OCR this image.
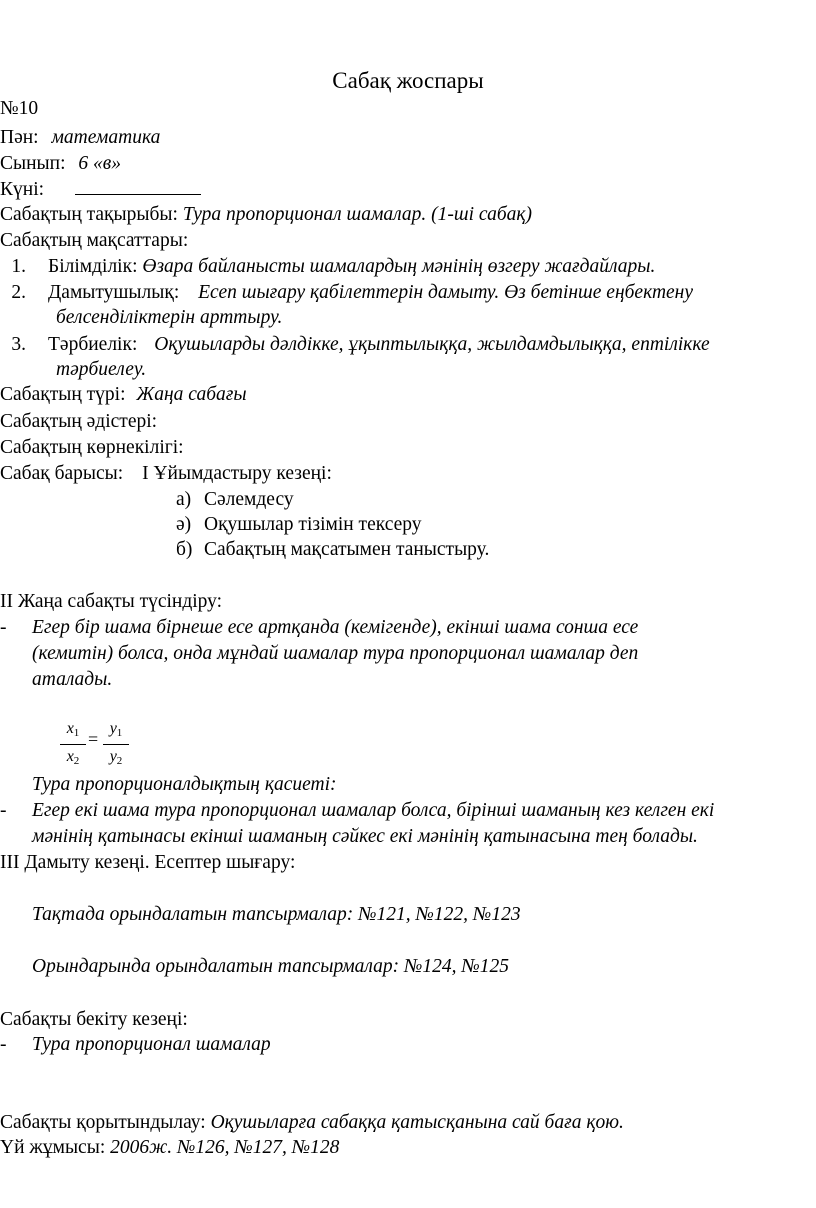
Сабақ жоспары
№10
Пән: математика
Сынып: 6 «в»
Күні:
Сабақтың тақырыбы: Тура пропорционал шамалар. (1-ші сабақ)
Сабақтың мақсаттары:
1. Білімділік: Өзара байланысты шамалардың мәнінің өзгеру жағдайлары.
2. Дамытушылық: Есеп шығару қабілеттерін дамыту. Өз бетінше еңбектену
белсенділіктерін арттыру.
3. Тәрбиелік: Оқушыларды дәлдікке, ұқыптылыққа, жылдамдылыққа, ептілікке
тәрбиелеу.
Сабақтың түрі: Жаңа сабағы
Сабақтың әдістері:
Сабақтың көрнекілігі:
Сабақ барысы: І Ұйымдастыру кезеңі:
а) Сәлемдесу
ә) Оқушылар тізімін тексеру
б) Сабақтың мақсатымен таныстыру.
ІІ Жаңа сабақты түсіндіру:
- Егер бір шама бірнеше есе артқанда (кемігенде), екінші шама сонша есе
(кемитін) болса, онда мұндай шамалар тура пропорционал шамалар деп
аталады.
$x_1$
$x_2$
=
$y_1$
$y_2$
Тура пропорционалдықтың қасиеті:
- Егер екі шама тура пропорционал шамалар болса, бірінші шаманың кез келген екі
мәнінің қатынасы екінші шаманың сәйкес екі мәнінің қатынасына тең болады.
ІІІ Дамыту кезеңі. Есептер шығару:
Тақтада орындалатын тапсырмалар: №121, №122, №123
Орындарында орындалатын тапсырмалар: №124, №125
Сабақты бекіту кезеңі:
- Тура пропорционал шамалар
Сабақты қорытындылау: Оқушыларға сабаққа қатысқанына сай баға қою.
Үй жұмысы: 2006ж. №126, №127, №128
